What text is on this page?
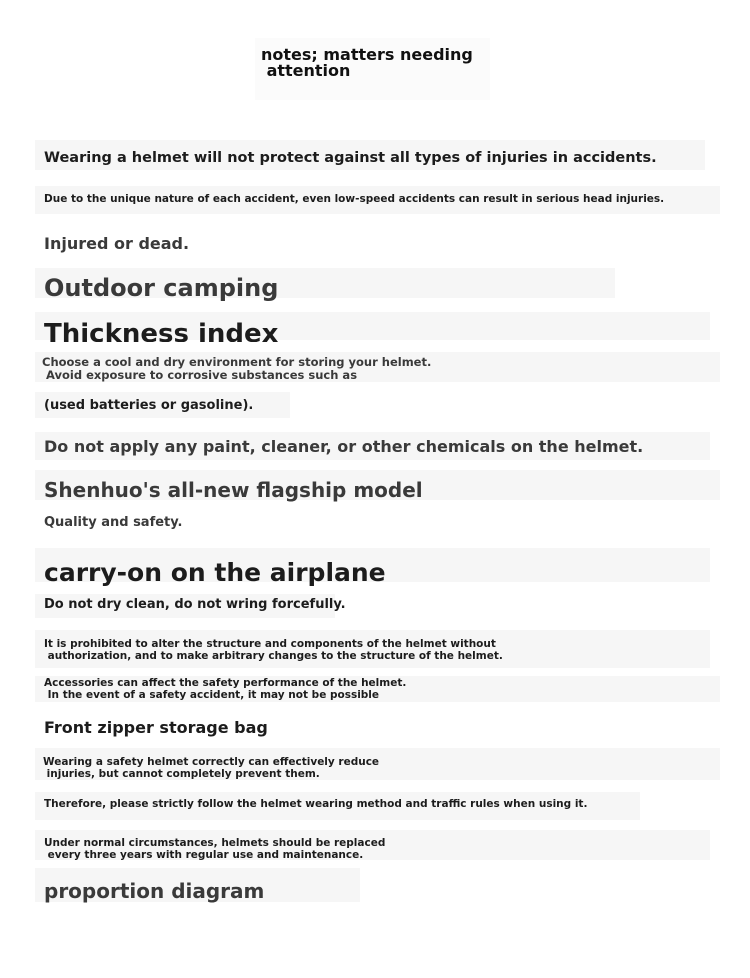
notes; matters needing
attention

Wearing a helmet will not protect against all types of injuries in accidents.

Due to the unique nature of each accident, even low-speed accidents can result in serious head injuries.

Injured or dead.

Outdoor camping

Thickness index

Choose a cool and dry environment for storing your helmet.
Avoid exposure to corrosive substances such as

(used batteries or gasoline).

Do not apply any paint, cleaner, or other chemicals on the helmet.

Shenhuo's all-new flagship model

Quality and safety.

carry-on on the airplane

Do not dry clean, do not wring forcefully.

It is prohibited to alter the structure and components of the helmet without
authorization, and to make arbitrary changes to the structure of the helmet.

Accessories can affect the safety performance of the helmet.
In the event of a safety accident, it may not be possible

Front zipper storage bag

Wearing a safety helmet correctly can effectively reduce
injuries, but cannot completely prevent them.

Therefore, please strictly follow the helmet wearing method and traffic rules when using it.

Under normal circumstances, helmets should be replaced
every three years with regular use and maintenance.

proportion diagram
